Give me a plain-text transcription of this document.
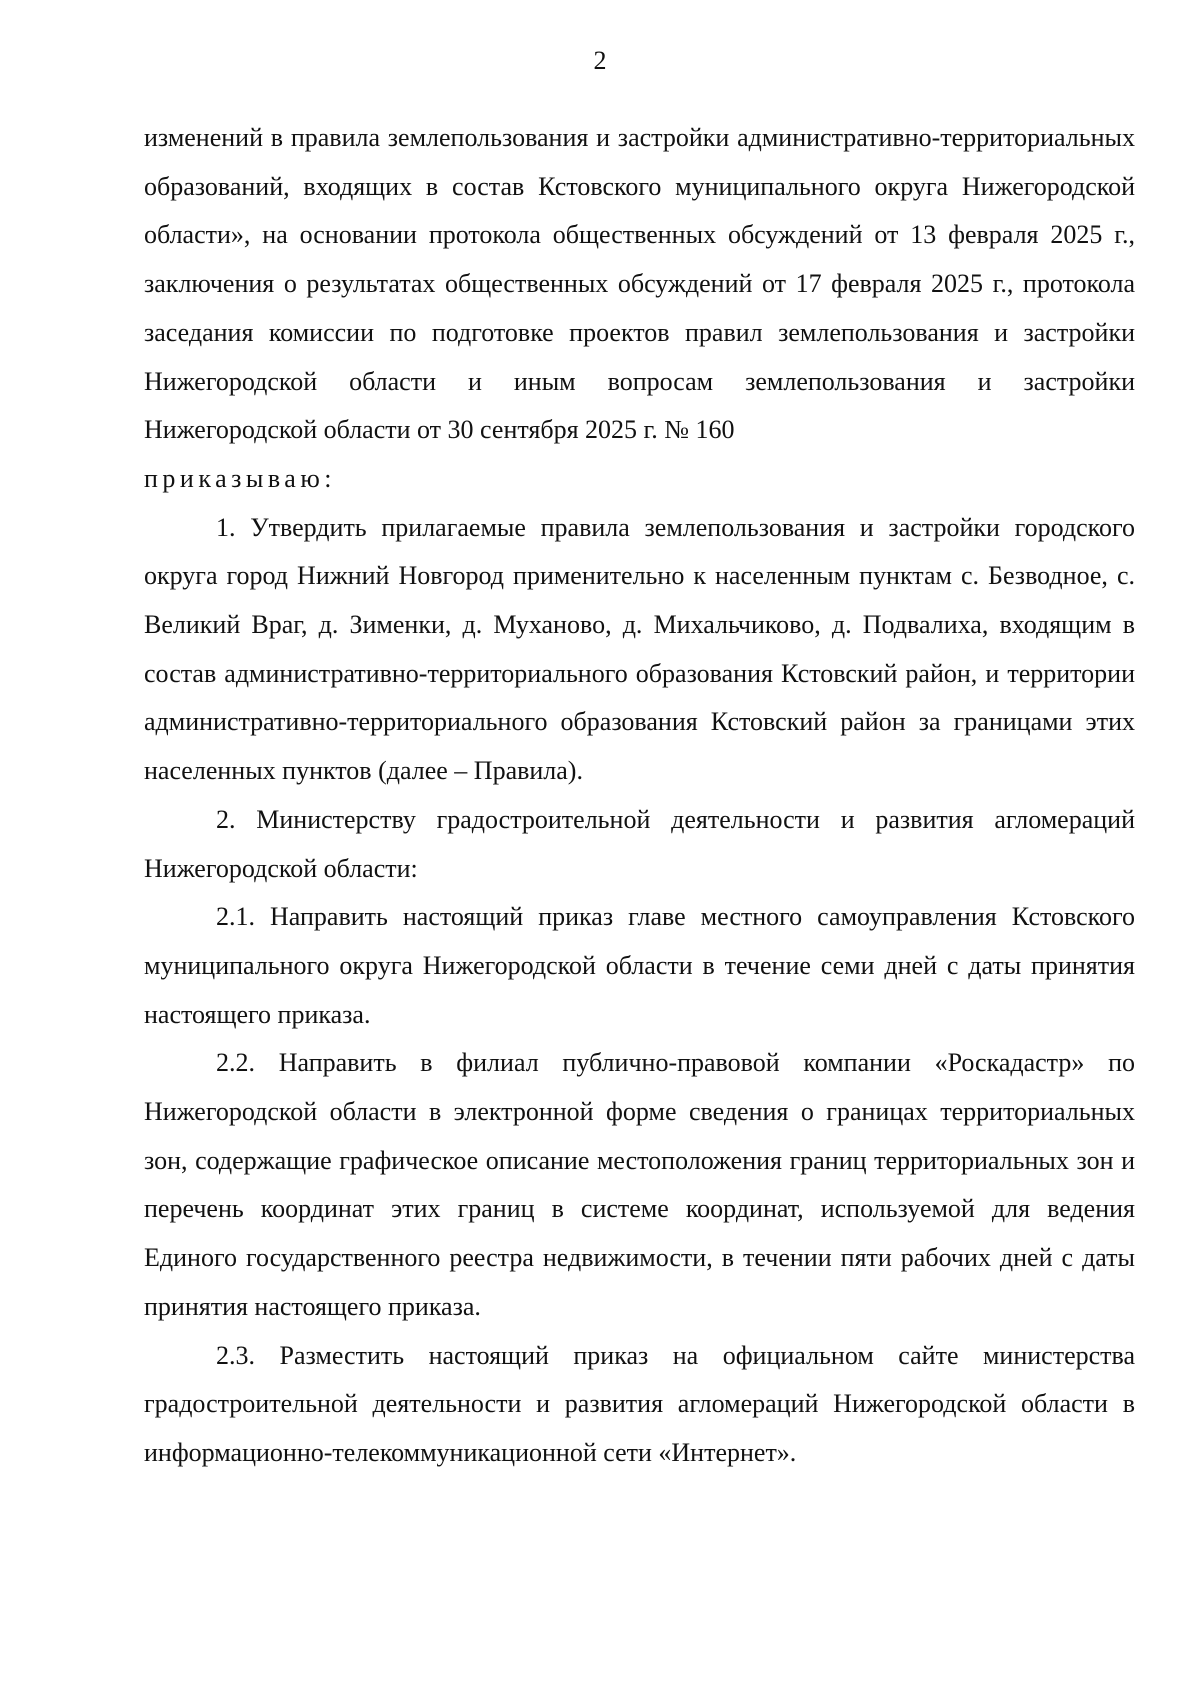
2

изменений в правила землепользования и застройки административно-территориальных образований, входящих в состав Кстовского муниципального округа Нижегородской области», на основании протокола общественных обсуждений от 13 февраля 2025 г., заключения о результатах общественных обсуждений от 17 февраля 2025 г., протокола заседания комиссии по подготовке проектов правил землепользования и застройки Нижегородской области и иным вопросам землепользования и застройки Нижегородской области от 30 сентября 2025 г. № 160

приказываю:

1. Утвердить прилагаемые правила землепользования и застройки городского округа город Нижний Новгород применительно к населенным пунктам с. Безводное, с. Великий Враг, д. Зименки, д. Муханово, д. Михальчиково, д. Подвалиха, входящим в состав административно-территориального образования Кстовский район, и территории административно-территориального образования Кстовский район за границами этих населенных пунктов (далее – Правила).

2. Министерству градостроительной деятельности и развития агломераций Нижегородской области:

2.1. Направить настоящий приказ главе местного самоуправления Кстовского муниципального округа Нижегородской области в течение семи дней с даты принятия настоящего приказа.

2.2. Направить в филиал публично-правовой компании «Роскадастр» по Нижегородской области в электронной форме сведения о границах территориальных зон, содержащие графическое описание местоположения границ территориальных зон и перечень координат этих границ в системе координат, используемой для ведения Единого государственного реестра недвижимости, в течении пяти рабочих дней с даты принятия настоящего приказа.

2.3. Разместить настоящий приказ на официальном сайте министерства градостроительной деятельности и развития агломераций Нижегородской области в информационно-телекоммуникационной сети «Интернет».
